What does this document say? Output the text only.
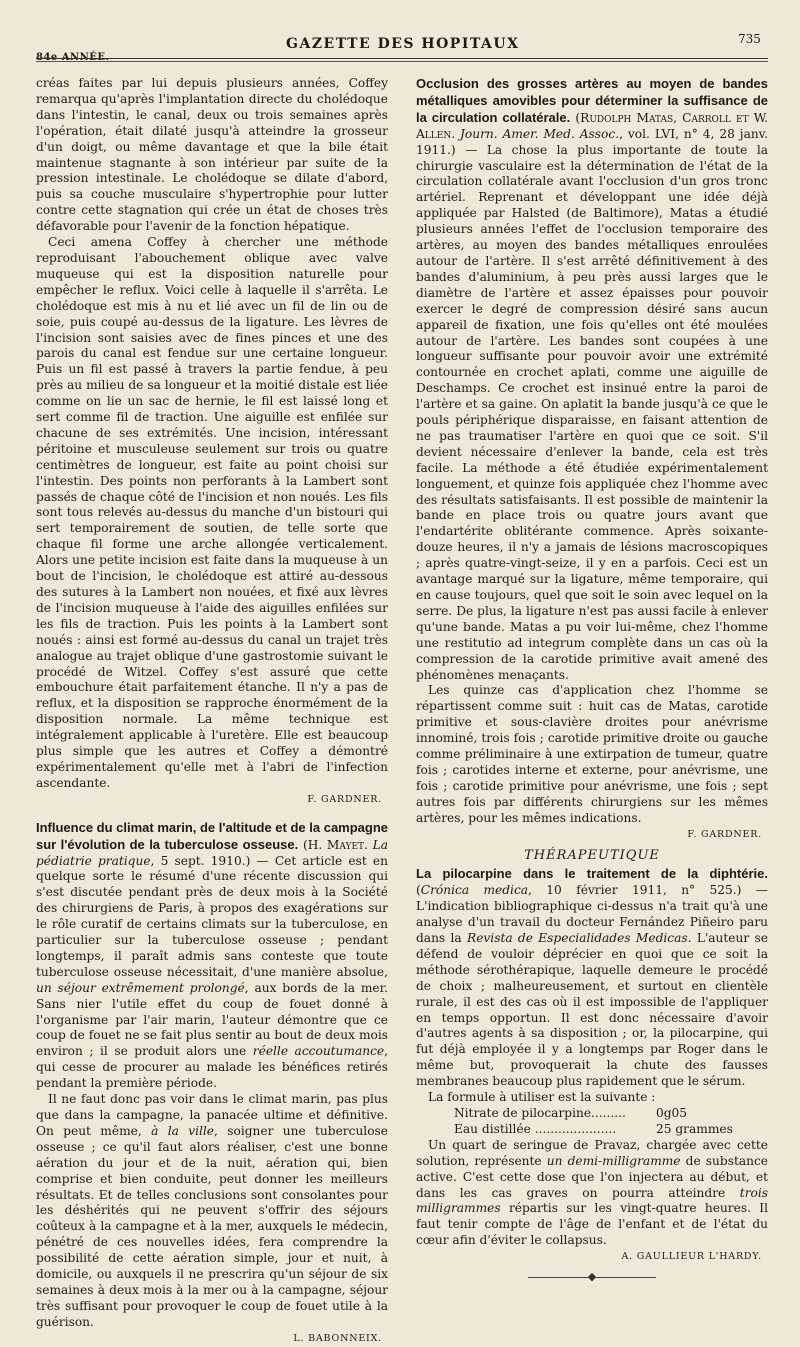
84e ANNÉE.
GAZETTE DES HOPITAUX	735

créas faites par lui depuis plusieurs années, Coffey remarqua qu'après l'implantation directe du cholédoque dans l'intestin, le canal, deux ou trois semaines après l'opération, était dilaté jusqu'à atteindre la grosseur d'un doigt, ou même davantage et que la bile était maintenue stagnante à son intérieur par suite de la pression intestinale. Le cholédoque se dilate d'abord, puis sa couche musculaire s'hypertrophie pour lutter contre cette stagnation qui crée un état de choses très défavorable pour l'avenir de la fonction hépatique.

Ceci amena Coffey à chercher une méthode reproduisant l'abouchement oblique avec valve muqueuse qui est la disposition naturelle pour empêcher le reflux. Voici celle à laquelle il s'arrêta. Le cholédoque est mis à nu et lié avec un fil de lin ou de soie, puis coupé au-dessus de la ligature. Les lèvres de l'incision sont saisies avec de fines pinces et une des parois du canal est fendue sur une certaine longueur. Puis un fil est passé à travers la partie fendue, à peu près au milieu de sa longueur et la moitié distale est liée comme on lie un sac de hernie, le fil est laissé long et sert comme fil de traction. Une aiguille est enfilée sur chacune de ses extrémités. Une incision, intéressant péritoine et musculeuse seulement sur trois ou quatre centimètres de longueur, est faite au point choisi sur l'intestin. Des points non perforants à la Lambert sont passés de chaque côté de l'incision et non noués. Les fils sont tous relevés au-dessus du manche d'un bistouri qui sert temporairement de soutien, de telle sorte que chaque fil forme une arche allongée verticalement. Alors une petite incision est faite dans la muqueuse à un bout de l'incision, le cholédoque est attiré au-dessous des sutures à la Lambert non nouées, et fixé aux lèvres de l'incision muqueuse à l'aide des aiguilles enfilées sur les fils de traction. Puis les points à la Lambert sont noués : ainsi est formé au-dessus du canal un trajet très analogue au trajet oblique d'une gastrostomie suivant le procédé de Witzel. Coffey s'est assuré que cette embouchure était parfaitement étanche. Il n'y a pas de reflux, et la disposition se rapproche énormément de la disposition normale. La même technique est intégralement applicable à l'uretère. Elle est beaucoup plus simple que les autres et Coffey a démontré expérimentalement qu'elle met à l'abri de l'infection ascendante.

F. GARDNER.

Influence du climat marin, de l'altitude et de la campagne sur l'évolution de la tuberculose osseuse. (H. Mayet. La pédiatrie pratique, 5 sept. 1910.) — Cet article est en quelque sorte le résumé d'une récente discussion qui s'est discutée pendant près de deux mois à la Société des chirurgiens de Paris, à propos des exagérations sur le rôle curatif de certains climats sur la tuberculose, en particulier sur la tuberculose osseuse ; pendant longtemps, il paraît admis sans conteste que toute tuberculose osseuse nécessitait, d'une manière absolue, un séjour extrêmement prolongé, aux bords de la mer. Sans nier l'utile effet du coup de fouet donné à l'organisme par l'air marin, l'auteur démontre que ce coup de fouet ne se fait plus sentir au bout de deux mois environ ; il se produit alors une réelle accoutumance, qui cesse de procurer au malade les bénéfices retirés pendant la première période.

Il ne faut donc pas voir dans le climat marin, pas plus que dans la campagne, la panacée ultime et définitive. On peut même, à la ville, soigner une tuberculose osseuse ; ce qu'il faut alors réaliser, c'est une bonne aération du jour et de la nuit, aération qui, bien comprise et bien conduite, peut donner les meilleurs résultats. Et de telles conclusions sont consolantes pour les déshérités qui ne peuvent s'offrir des séjours coûteux à la campagne et à la mer, auxquels le médecin, pénétré de ces nouvelles idées, fera comprendre la possibilité de cette aération simple, jour et nuit, à domicile, ou auxquels il ne prescrira qu'un séjour de six semaines à deux mois à la mer ou à la campagne, séjour très suffisant pour provoquer le coup de fouet utile à la guérison.

L. BABONNEIX.

Occlusion des grosses artères au moyen de bandes métalliques amovibles pour déterminer la suffisance de la circulation collatérale. (Rudolph Matas, Carroll et W. Allen. Journ. Amer. Med. Assoc., vol. LVI, n° 4, 28 janv. 1911.) — La chose la plus importante de toute la chirurgie vasculaire est la détermination de l'état de la circulation collatérale avant l'occlusion d'un gros tronc artériel. Reprenant et développant une idée déjà appliquée par Halsted (de Baltimore), Matas a étudié plusieurs années l'effet de l'occlusion temporaire des artères, au moyen des bandes métalliques enroulées autour de l'artère. Il s'est arrêté définitivement à des bandes d'aluminium, à peu près aussi larges que le diamètre de l'artère et assez épaisses pour pouvoir exercer le degré de compression désiré sans aucun appareil de fixation, une fois qu'elles ont été moulées autour de l'artère. Les bandes sont coupées à une longueur suffisante pour pouvoir avoir une extrémité contournée en crochet aplati, comme une aiguille de Deschamps. Ce crochet est insinué entre la paroi de l'artère et sa gaine. On aplatit la bande jusqu'à ce que le pouls périphérique disparaisse, en faisant attention de ne pas traumatiser l'artère en quoi que ce soit. S'il devient nécessaire d'enlever la bande, cela est très facile. La méthode a été étudiée expérimentalement longuement, et quinze fois appliquée chez l'homme avec des résultats satisfaisants. Il est possible de maintenir la bande en place trois ou quatre jours avant que l'endartérite oblitérante commence. Après soixante-douze heures, il n'y a jamais de lésions macroscopiques ; après quatre-vingt-seize, il y en a parfois. Ceci est un avantage marqué sur la ligature, même temporaire, qui en cause toujours, quel que soit le soin avec lequel on la serre. De plus, la ligature n'est pas aussi facile à enlever qu'une bande. Matas a pu voir lui-même, chez l'homme une restitutio ad integrum complète dans un cas où la compression de la carotide primitive avait amené des phénomènes menaçants.

Les quinze cas d'application chez l'homme se répartissent comme suit : huit cas de Matas, carotide primitive et sous-clavière droites pour anévrisme innominé, trois fois ; carotide primitive droite ou gauche comme préliminaire à une extirpation de tumeur, quatre fois ; carotides interne et externe, pour anévrisme, une fois ; carotide primitive pour anévrisme, une fois ; sept autres fois par différents chirurgiens sur les mêmes artères, pour les mêmes indications.

F. GARDNER.
THÉRAPEUTIQUE

La pilocarpine dans le traitement de la diphtérie. (Crónica medica, 10 février 1911, n° 525.) — L'indication bibliographique ci-dessus n'a trait qu'à une analyse d'un travail du docteur Fernández Piñeiro paru dans la Revista de Especialidades Medicas. L'auteur se défend de vouloir déprécier en quoi que ce soit la méthode sérothérapique, laquelle demeure le procédé de choix ; malheureusement, et surtout en clientèle rurale, il est des cas où il est impossible de l'appliquer en temps opportun. Il est donc nécessaire d'avoir d'autres agents à sa disposition ; or, la pilocarpine, qui fut déjà employée il y a longtemps par Roger dans le même but, provoquerait la chute des fausses membranes beaucoup plus rapidement que le sérum.

La formule à utiliser est la suivante :

Nitrate de pilocarpine......... 0g05
Eau distillée .....................	25 grammes

Un quart de seringue de Pravaz, chargée avec cette solution, représente un demi-milligramme de substance active. C'est cette dose que l'on injectera au début, et dans les cas graves on pourra atteindre trois milligrammes répartis sur les vingt-quatre heures. Il faut tenir compte de l'âge de l'enfant et de l'état du cœur afin d'éviter le collapsus.

A. GAULLIEUR L'HARDY.
◆
